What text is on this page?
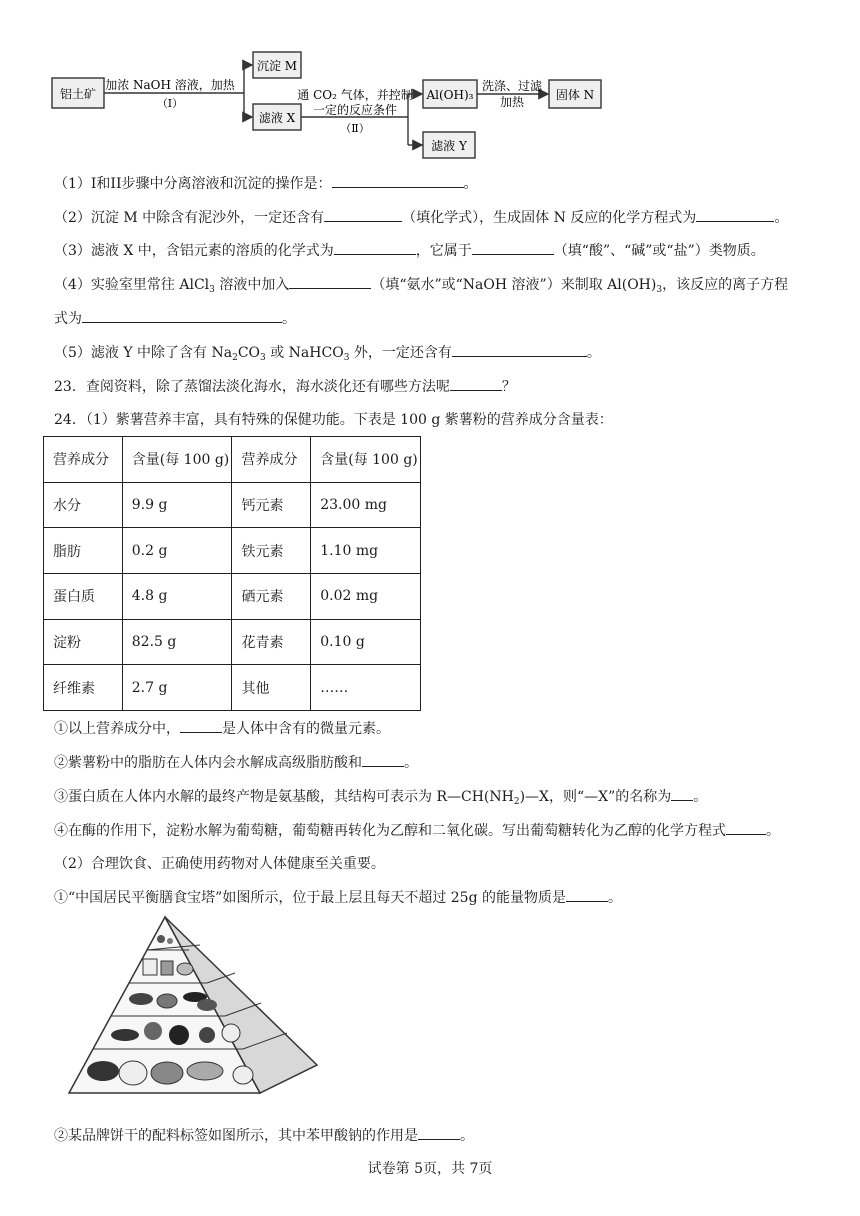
铝土矿
加浓 NaOH 溶液，加热
（Ⅰ）
沉淀 M
滤液 X
通 CO₂ 气体，并控制
一定的反应条件
（Ⅱ）
Al(OH)₃
洗涤、过滤
加热	固体 N
滤液 Y
（1）I和II步骤中分离溶液和沉淀的操作是：	。
（2）沉淀 M 中除含有泥沙外，一定还含有	（填化学式），生成固体 N 反应的化学方程式为	。
（3）滤液 X 中，含铝元素的溶质的化学式为	，它属于	（填“酸”、“碱”或“盐”）类物质。
（4）实验室里常往 AlCl$_3$ 溶液中加入	（填“氨水”或“NaOH 溶液”）来制取 $Al(OH)_3$，该反应的离子方程
式为	。
（5）滤液 Y 中除了含有 $Na_2CO_3$ 或 NaHCO$_3$ 外，一定还含有	。
23．查阅资料，除了蒸馏法淡化海水，海水淡化还有哪些方法呢	？
24．（1）紫薯营养丰富，具有特殊的保健功能。下表是 100 g 紫薯粉的营养成分含量表：
营养成分	含量(每 100 g)	营养成分	含量(每 100 g)
水分	9.9 g	钙元素	23.00 mg
脂肪	0.2 g	铁元素	1.10 mg
蛋白质	4.8 g	硒元素	0.02 mg
淀粉	82.5 g	花青素	0.10 g
纤维素	2.7 g	其他	……
①以上营养成分中，	是人体中含有的微量元素。
②紫薯粉中的脂肪在人体内会水解成高级脂肪酸和	。
③蛋白质在人体内水解的最终产物是氨基酸，其结构可表示为 $R—CH(NH_2)—X$，则“—X”的名称为 。
④在酶的作用下，淀粉水解为葡萄糖，葡萄糖再转化为乙醇和二氧化碳。写出葡萄糖转化为乙醇的化学方程式	。
（2）合理饮食、正确使用药物对人体健康至关重要。
①“中国居民平衡膳食宝塔”如图所示，位于最上层且每天不超过 25g 的能量物质是	。
②某品牌饼干的配料标签如图所示，其中苯甲酸钠的作用是	。
试卷第 5页，共 7页
